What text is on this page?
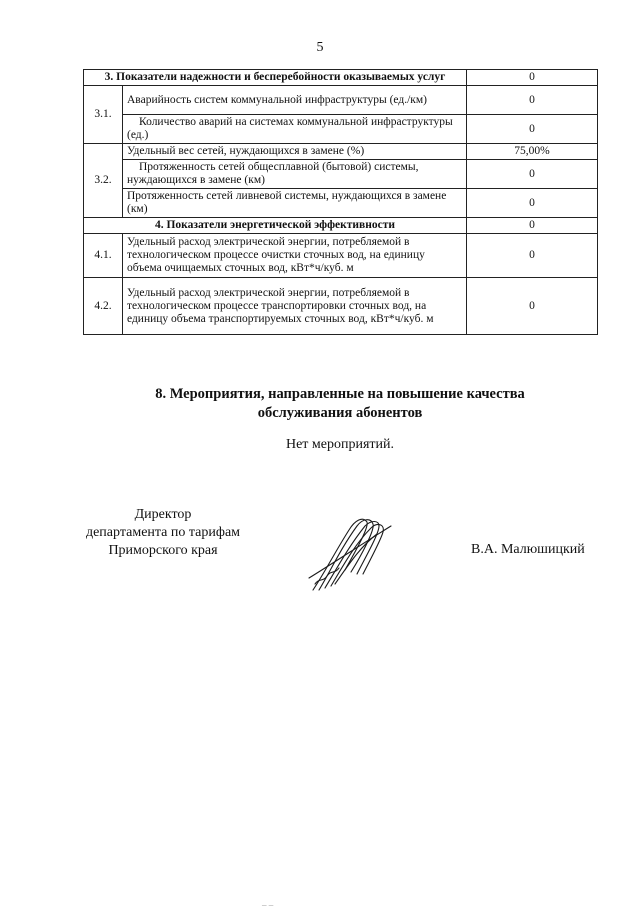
5
3. Показатели надежности и бесперебойности оказываемых услуг		0
3.1.	Аварийность систем коммунальной инфраструктуры (ед./км)	0
	Количество аварий на системах коммунальной инфраструктуры (ед.)	0
3.2.	Удельный вес сетей, нуждающихся в замене (%)	75,00%
	Протяженность сетей общесплавной (бытовой) системы, нуждающихся в замене (км)	0
	Протяженность сетей ливневой системы, нуждающихся в замене (км)	0
4. Показатели энергетической эффективности		0
4.1.	Удельный расход электрической энергии, потребляемой в технологическом процессе очистки сточных вод, на единицу объема очищаемых сточных вод, кВт*ч/куб. м	0
4.2.	Удельный расход электрической энергии, потребляемой в технологическом процессе транспортировки сточных вод, на единицу объема транспортируемых сточных вод, кВт*ч/куб. м	0
8. Мероприятия, направленные на повышение качества
обслуживания абонентов
Нет мероприятий.
Директор
департамента по тарифам
Приморского края	В.А. Малюшицкий
– –
